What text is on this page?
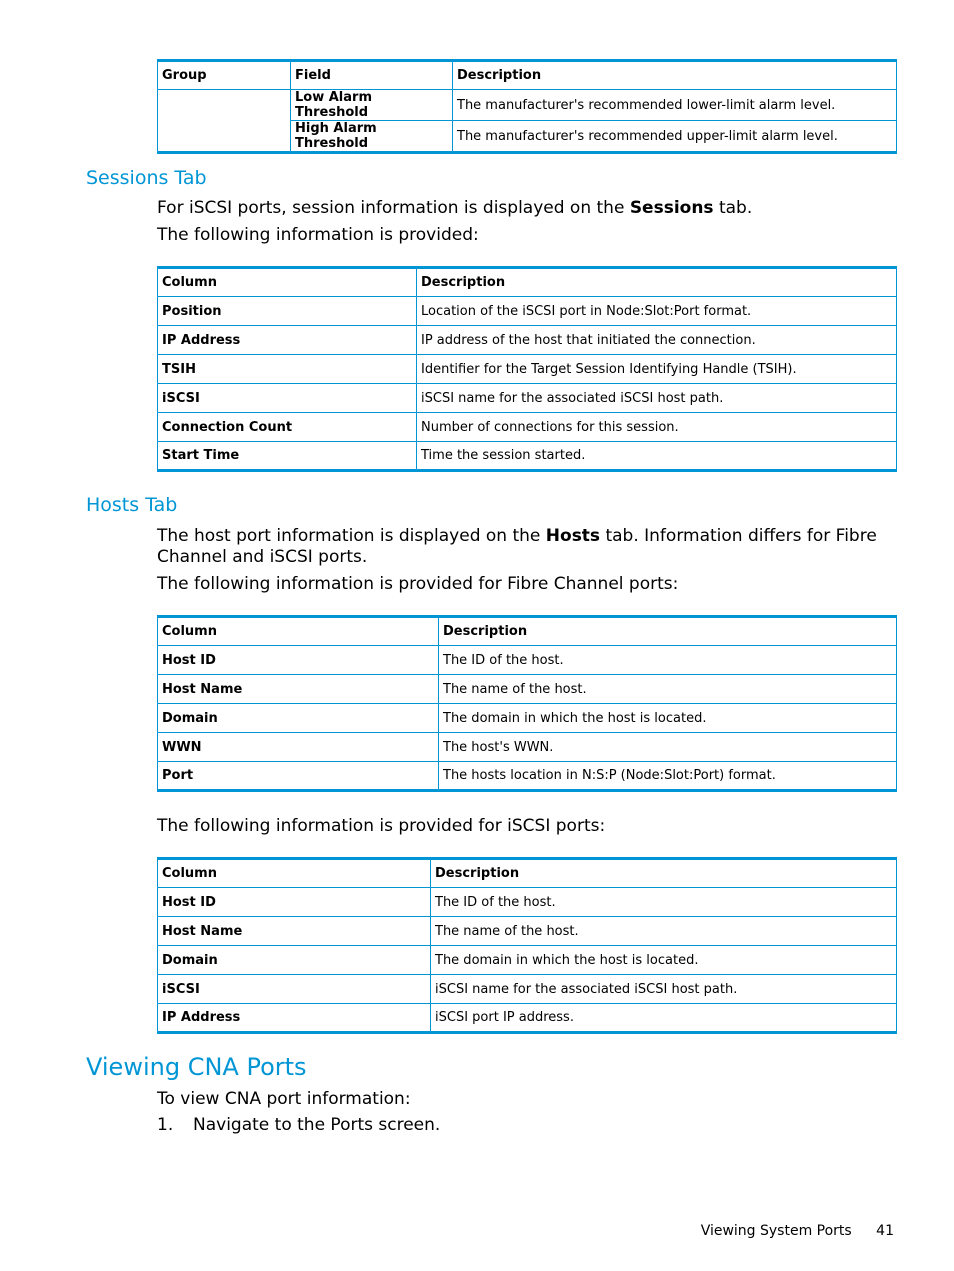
Group	Field	Description
	Low Alarm Threshold	The manufacturer's recommended lower-limit alarm level.
	High Alarm Threshold	The manufacturer's recommended upper-limit alarm level.
Sessions Tab

For iSCSI ports, session information is displayed on the Sessions tab.

The following information is provided:

Column	Description
Position	Location of the iSCSI port in Node:Slot:Port format.
IP Address	IP address of the host that initiated the connection.
TSIH	Identifier for the Target Session Identifying Handle (TSIH).
iSCSI	iSCSI name for the associated iSCSI host path.
Connection Count	Number of connections for this session.
Start Time	Time the session started.
Hosts Tab

The host port information is displayed on the Hosts tab. Information differs for Fibre Channel and iSCSI ports.

The following information is provided for Fibre Channel ports:

Column	Description
Host ID	The ID of the host.
Host Name	The name of the host.
Domain	The domain in which the host is located.
WWN	The host's WWN.
Port	The hosts location in N:S:P (Node:Slot:Port) format.

The following information is provided for iSCSI ports:

Column	Description
Host ID	The ID of the host.
Host Name	The name of the host.
Domain	The domain in which the host is located.
iSCSI	iSCSI name for the associated iSCSI host path.
IP Address	iSCSI port IP address.
Viewing CNA Ports

To view CNA port information:

1. Navigate to the Ports screen.

Viewing System Ports 41
